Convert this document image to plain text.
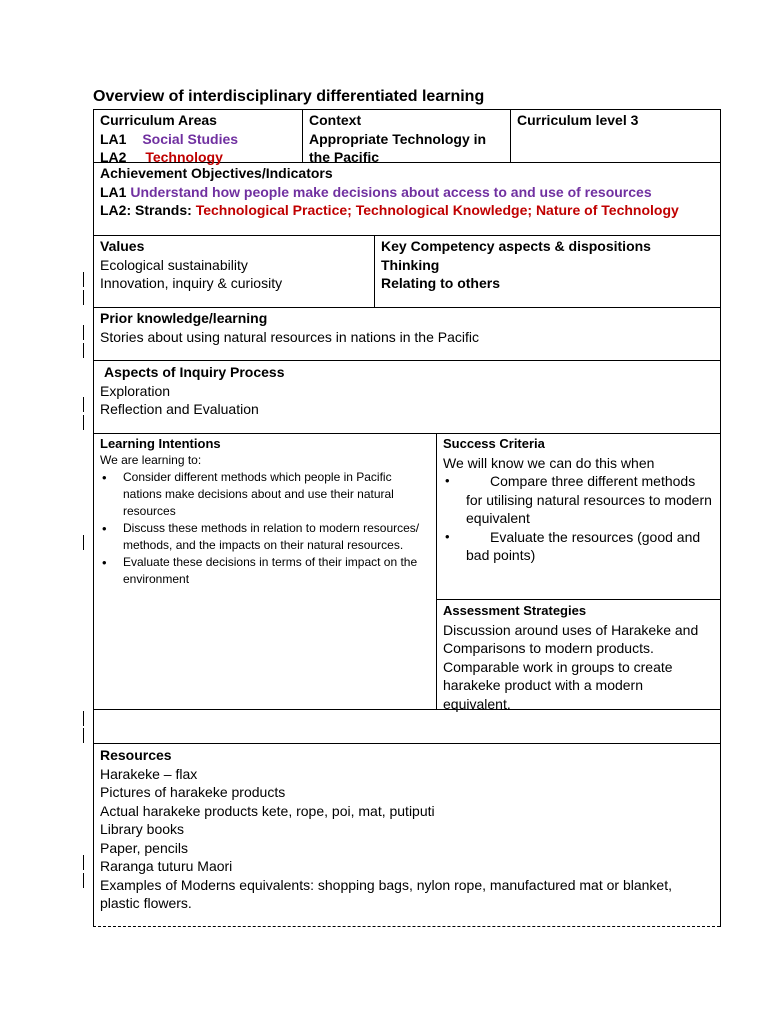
Overview of interdisciplinary differentiated learning
Curriculum Areas
LA1 Social Studies
LA2 Technology
Context
Appropriate Technology in the Pacific
Curriculum level 3
Achievement Objectives/Indicators
LA1 Understand how people make decisions about access to and use of resources
LA2: Strands: Technological Practice; Technological Knowledge; Nature of Technology
Values
Ecological sustainability
Innovation, inquiry & curiosity
Key Competency aspects & dispositions
Thinking
Relating to others
Prior knowledge/learning
Stories about using natural resources in nations in the Pacific
Aspects of Inquiry Process
Exploration
Reflection and Evaluation
Learning Intentions
We are learning to:
• Consider different methods which people in Pacific nations make decisions about and use their natural resources
• Discuss these methods in relation to modern resources/ methods, and the impacts on their natural resources.
• Evaluate these decisions in terms of their impact on the environment
Success Criteria
We will know we can do this when
• Compare three different methods for utilising natural resources to modern equivalent
• Evaluate the resources (good and bad points)
Assessment Strategies
Discussion around uses of Harakeke and Comparisons to modern products. Comparable work in groups to create harakeke product with a modern equivalent.
Resources
Harakeke – flax
Pictures of harakeke products
Actual harakeke products kete, rope, poi, mat, putiputi
Library books
Paper, pencils
Raranga tuturu Maori
Examples of Moderns equivalents: shopping bags, nylon rope, manufactured mat or blanket, plastic flowers.
